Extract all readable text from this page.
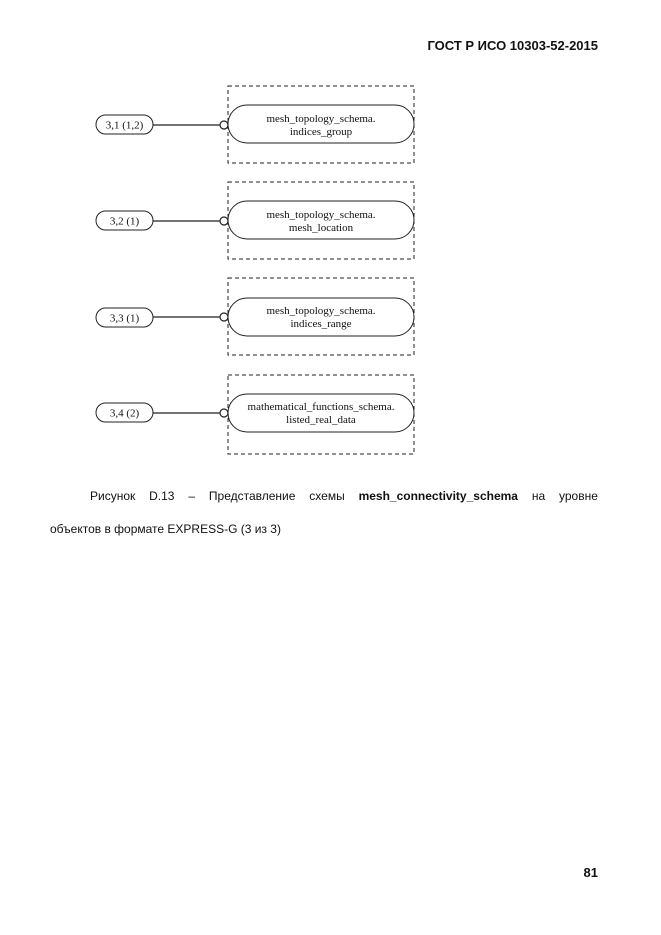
ГОСТ Р ИСО 10303-52-2015
3,1 (1,2)
mesh_topology_schema.
indices_group
3,2 (1)
mesh_topology_schema.
mesh_location
3,3 (1)
mesh_topology_schema.
indices_range
3,4 (2)
mathematical_functions_schema.
listed_real_data
Рисунок D.13 – Представление схемы mesh_connectivity_schema на уровне
объектов в формате EXPRESS-G (3 из 3)
81
